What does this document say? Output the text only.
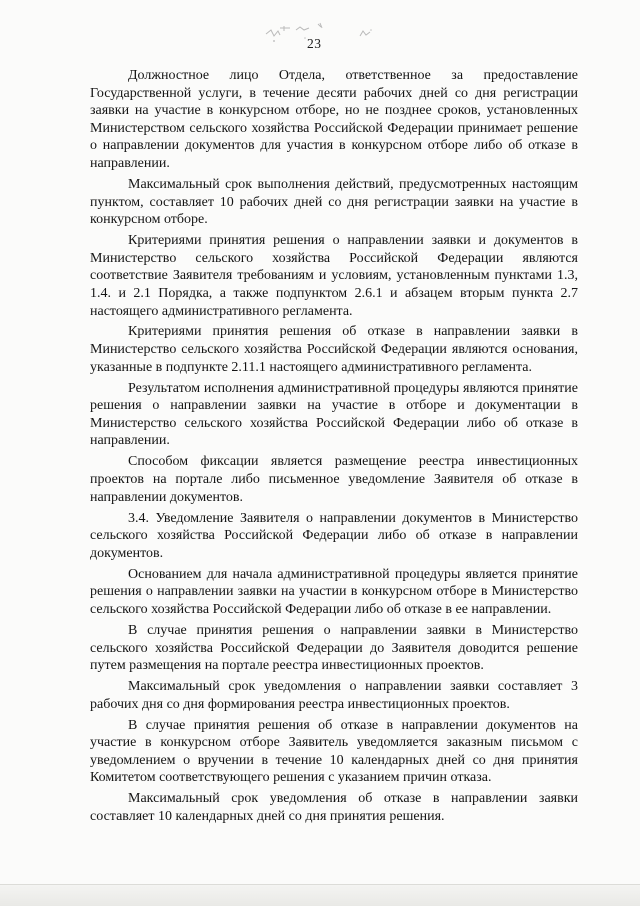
23

Должностное лицо Отдела, ответственное за предоставление Государственной услуги, в течение десяти рабочих дней со дня регистрации заявки на участие в конкурсном отборе, но не позднее сроков, установленных Министерством сельского хозяйства Российской Федерации принимает решение о направлении документов для участия в конкурсном отборе либо об отказе в направлении.

Максимальный срок выполнения действий, предусмотренных настоящим пунктом, составляет 10 рабочих дней со дня регистрации заявки на участие в конкурсном отборе.

Критериями принятия решения о направлении заявки и документов в Министерство сельского хозяйства Российской Федерации являются соответствие Заявителя требованиям и условиям, установленным пунктами 1.3, 1.4. и 2.1 Порядка, а также подпунктом 2.6.1 и абзацем вторым пункта 2.7 настоящего административного регламента.

Критериями принятия решения об отказе в направлении заявки в Министерство сельского хозяйства Российской Федерации являются основания, указанные в подпункте 2.11.1 настоящего административного регламента.

Результатом исполнения административной процедуры являются принятие решения о направлении заявки на участие в отборе и документации в Министерство сельского хозяйства Российской Федерации либо об отказе в направлении.

Способом фиксации является размещение реестра инвестиционных проектов на портале либо письменное уведомление Заявителя об отказе в направлении документов.

3.4. Уведомление Заявителя о направлении документов в Министерство сельского хозяйства Российской Федерации либо об отказе в направлении документов.

Основанием для начала административной процедуры является принятие решения о направлении заявки на участии в конкурсном отборе в Министерство сельского хозяйства Российской Федерации либо об отказе в ее направлении.

В случае принятия решения о направлении заявки в Министерство сельского хозяйства Российской Федерации до Заявителя доводится решение путем размещения на портале реестра инвестиционных проектов.

Максимальный срок уведомления о направлении заявки составляет 3 рабочих дня со дня формирования реестра инвестиционных проектов.

В случае принятия решения об отказе в направлении документов на участие в конкурсном отборе Заявитель уведомляется заказным письмом с уведомлением о вручении в течение 10 календарных дней со дня принятия Комитетом соответствующего решения с указанием причин отказа.

Максимальный срок уведомления об отказе в направлении заявки составляет 10 календарных дней со дня принятия решения.
